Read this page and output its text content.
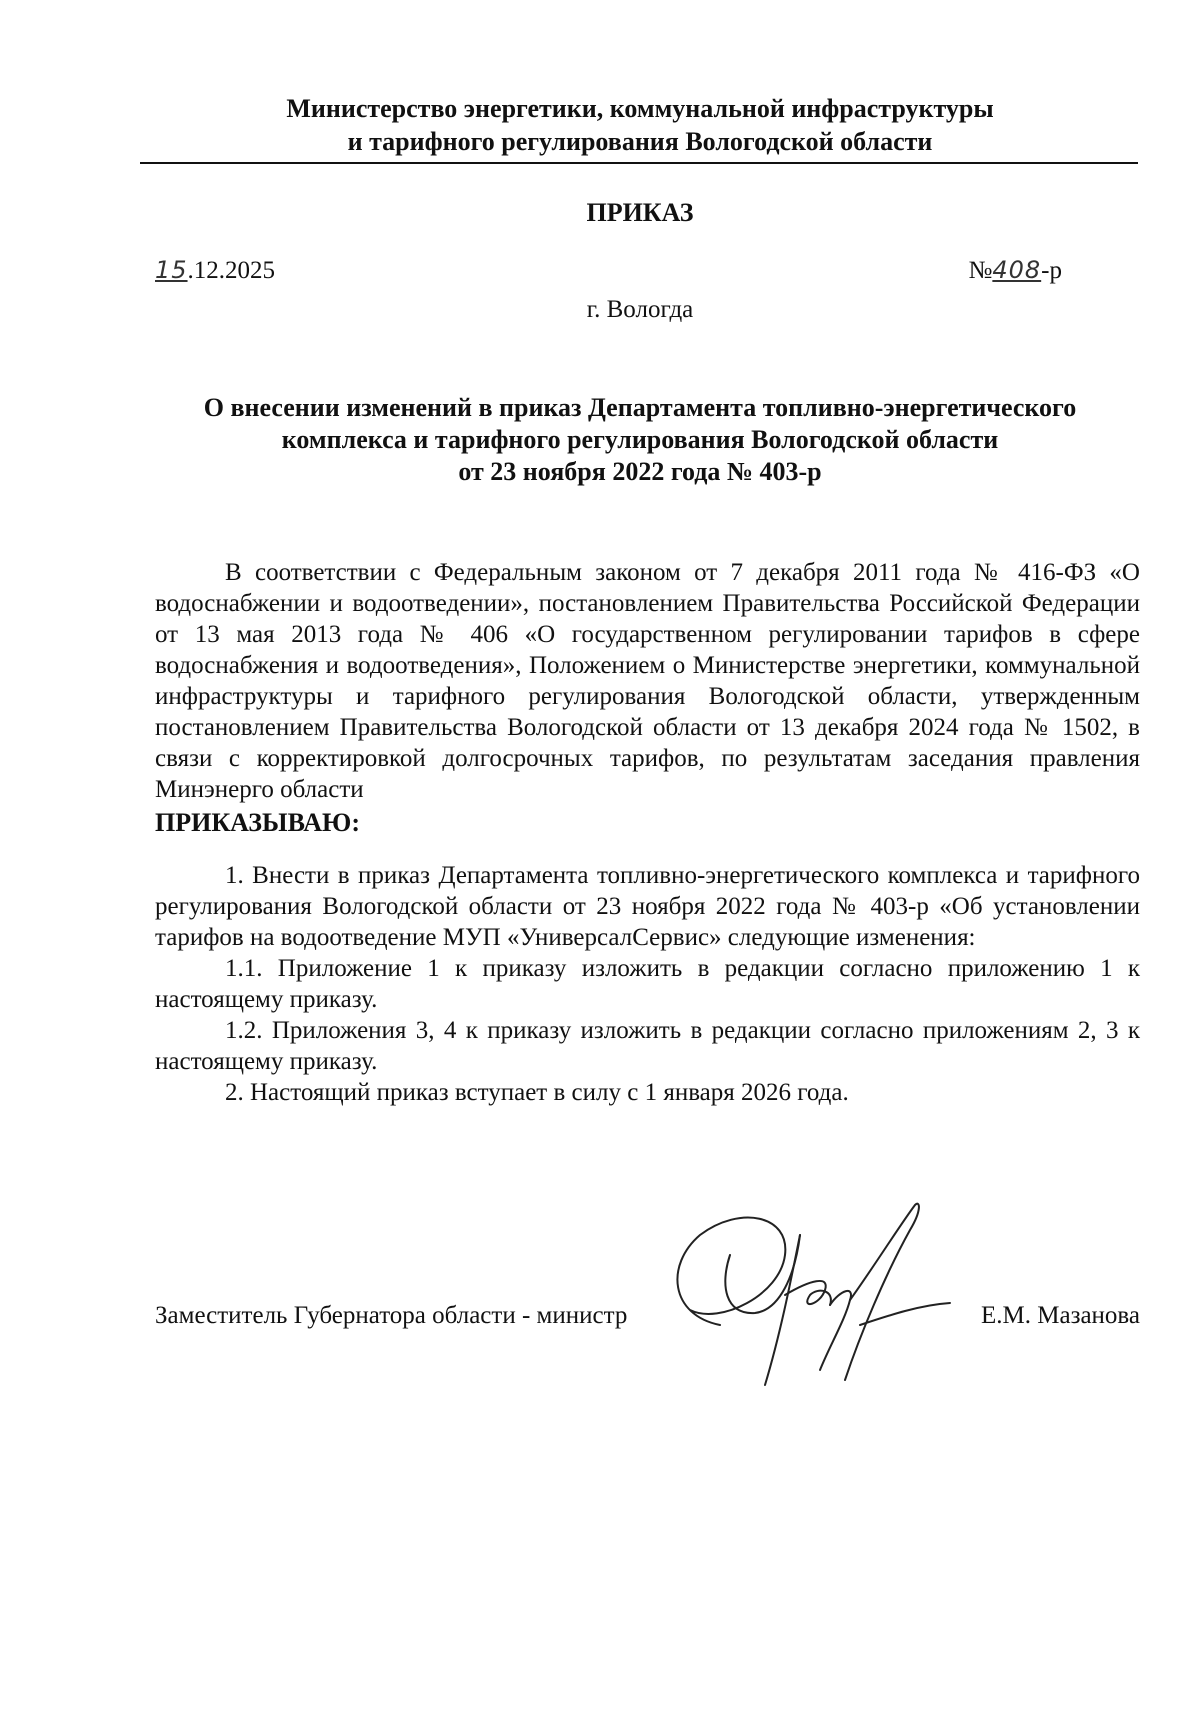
Министерство энергетики, коммунальной инфраструктуры
и тарифного регулирования Вологодской области
ПРИКАЗ
15.12.2025	№408-р
г. Вологда
О внесении изменений в приказ Департамента топливно-энергетического
комплекса и тарифного регулирования Вологодской области
от 23 ноября 2022 года № 403-р

В соответствии с Федеральным законом от 7 декабря 2011 года № 416-ФЗ «О водоснабжении и водоотведении», постановлением Правительства Российской Федерации от 13 мая 2013 года № 406 «О государственном регулировании тарифов в сфере водоснабжения и водоотведения», Положением о Министерстве энергетики, коммунальной инфраструктуры и тарифного регулирования Вологодской области, утвержденным постановлением Правительства Вологодской области от 13 декабря 2024 года № 1502, в связи с корректировкой долгосрочных тарифов, по результатам заседания правления Минэнерго области

ПРИКАЗЫВАЮ:

1. Внести в приказ Департамента топливно-энергетического комплекса и тарифного регулирования Вологодской области от 23 ноября 2022 года № 403-р «Об установлении тарифов на водоотведение МУП «УниверсалСервис» следующие изменения:

1.1. Приложение 1 к приказу изложить в редакции согласно приложению 1 к настоящему приказу.

1.2. Приложения 3, 4 к приказу изложить в редакции согласно приложениям 2, 3 к настоящему приказу.

2. Настоящий приказ вступает в силу с 1 января 2026 года.

Заместитель Губернатора области - министр	Е.М. Мазанова
